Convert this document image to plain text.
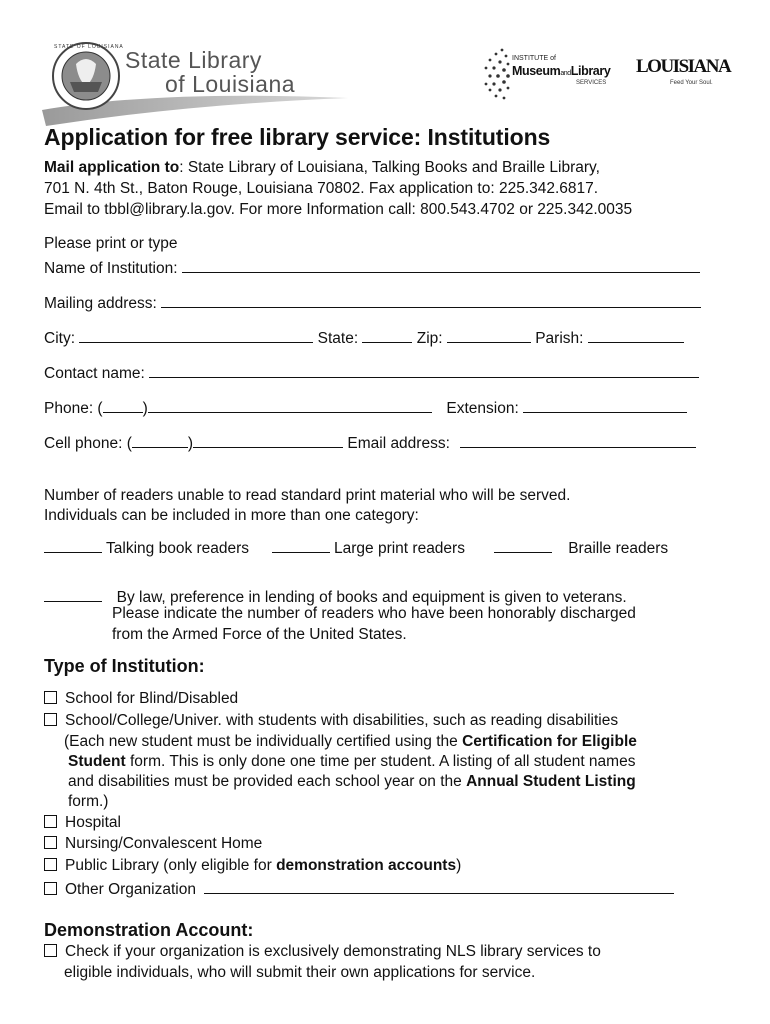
STATE OF LOUISIANA State Library
of Louisiana
INSTITUTE of
MuseumandLibrary
SERVICES
LOUISIANA
Feed Your Soul.
Application for free library service: Institutions
Mail application to: State Library of Louisiana, Talking Books and Braille Library,
701 N. 4th St., Baton Rouge, Louisiana 70802. Fax application to: 225.342.6817.
Email to tbbl@library.la.gov. For more Information call: 800.543.4702 or 225.342.0035
Please print or type
Name of Institution:
Mailing address:
City:	State:	Zip:	Parish:
Contact name:
Phone: (	)	Extension:
Cell phone: (	)	Email address:
Number of readers unable to read standard print material who will be served.
Individuals can be included in more than one category:
Talking book readers	Large print readers	Braille readers
By law, preference in lending of books and equipment is given to veterans.
Please indicate the number of readers who have been honorably discharged
from the Armed Force of the United States.
Type of Institution:
School for Blind/Disabled
School/College/Univer. with students with disabilities, such as reading disabilities
(Each new student must be individually certified using the Certification for Eligible
Student form. This is only done one time per student. A listing of all student names
and disabilities must be provided each school year on the Annual Student Listing
form.)
Hospital
Nursing/Convalescent Home
Public Library (only eligible for demonstration accounts)
Other Organization
Demonstration Account:
Check if your organization is exclusively demonstrating NLS library services to
eligible individuals, who will submit their own applications for service.
